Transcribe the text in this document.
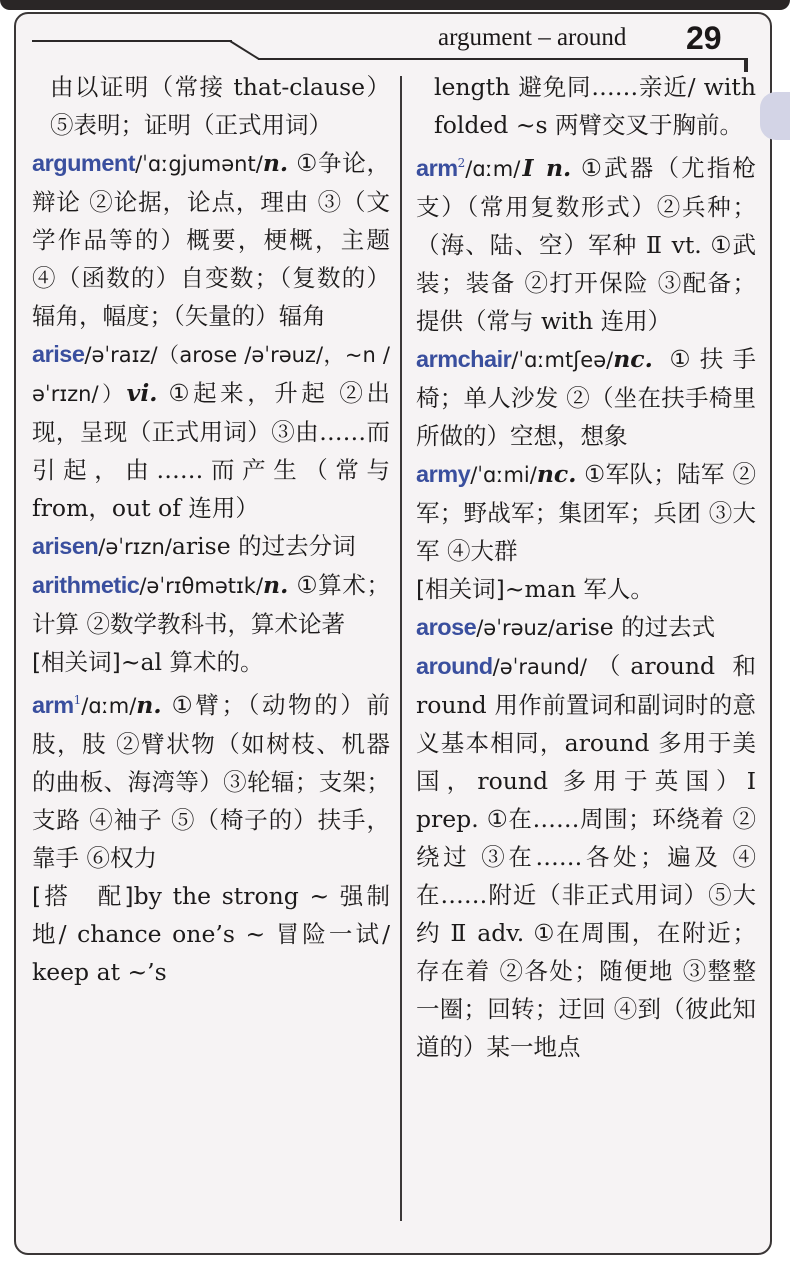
argument – around 29

由以证明（常接 that-clause）⑤表明；证明（正式用词）

argument/ˈɑːgjumənt/n. ①争论，辩论 ②论据，论点，理由 ③（文学作品等的）概要，梗概，主题 ④（函数的）自变数；（复数的）辐角，幅度；（矢量的）辐角

arise/əˈraɪz/（arose /əˈrəuz/，~n /əˈrɪzn/）vi. ①起来，升起 ②出现，呈现（正式用词）③由……而引起，由……而产生（常与 from，out of 连用）

arisen/əˈrɪzn/arise 的过去分词

arithmetic/əˈrɪθmətɪk/n. ①算术；计算 ②数学教科书，算术论著

[相关词]~al 算术的。

arm$^1$/ɑːm/n. ①臂；（动物的）前肢，肢 ②臂状物（如树枝、机器的曲板、海湾等）③轮辐；支架；支路 ④袖子 ⑤（椅子的）扶手，靠手 ⑥权力

[搭　配]by the strong ~ 强制地/ chance one’s ~ 冒险一试/ keep at ~’s

length 避免同……亲近/ with folded ~s 两臂交叉于胸前。

arm$^2$/ɑːm/Ⅰ n. ①武器（尤指枪支）（常用复数形式）②兵种；（海、陆、空）军种 Ⅱ vt. ①武装；装备 ②打开保险 ③配备；提供（常与 with 连用）

armchair/ˈɑːmtʃeə/nc. ①扶手椅；单人沙发 ②（坐在扶手椅里所做的）空想，想象

army/ˈɑːmi/nc. ①军队；陆军 ②军；野战军；集团军；兵团 ③大军 ④大群

[相关词]~man 军人。

arose/əˈrəuz/arise 的过去式

around/əˈraund/（around 和 round 用作前置词和副词时的意义基本相同，around 多用于美国，round 多用于英国）Ⅰ prep. ①在……周围；环绕着 ②绕过 ③在……各处；遍及 ④在……附近（非正式用词）⑤大约 Ⅱ adv. ①在周围，在附近；存在着 ②各处；随便地 ③整整一圈；回转；迂回 ④到（彼此知道的）某一地点
